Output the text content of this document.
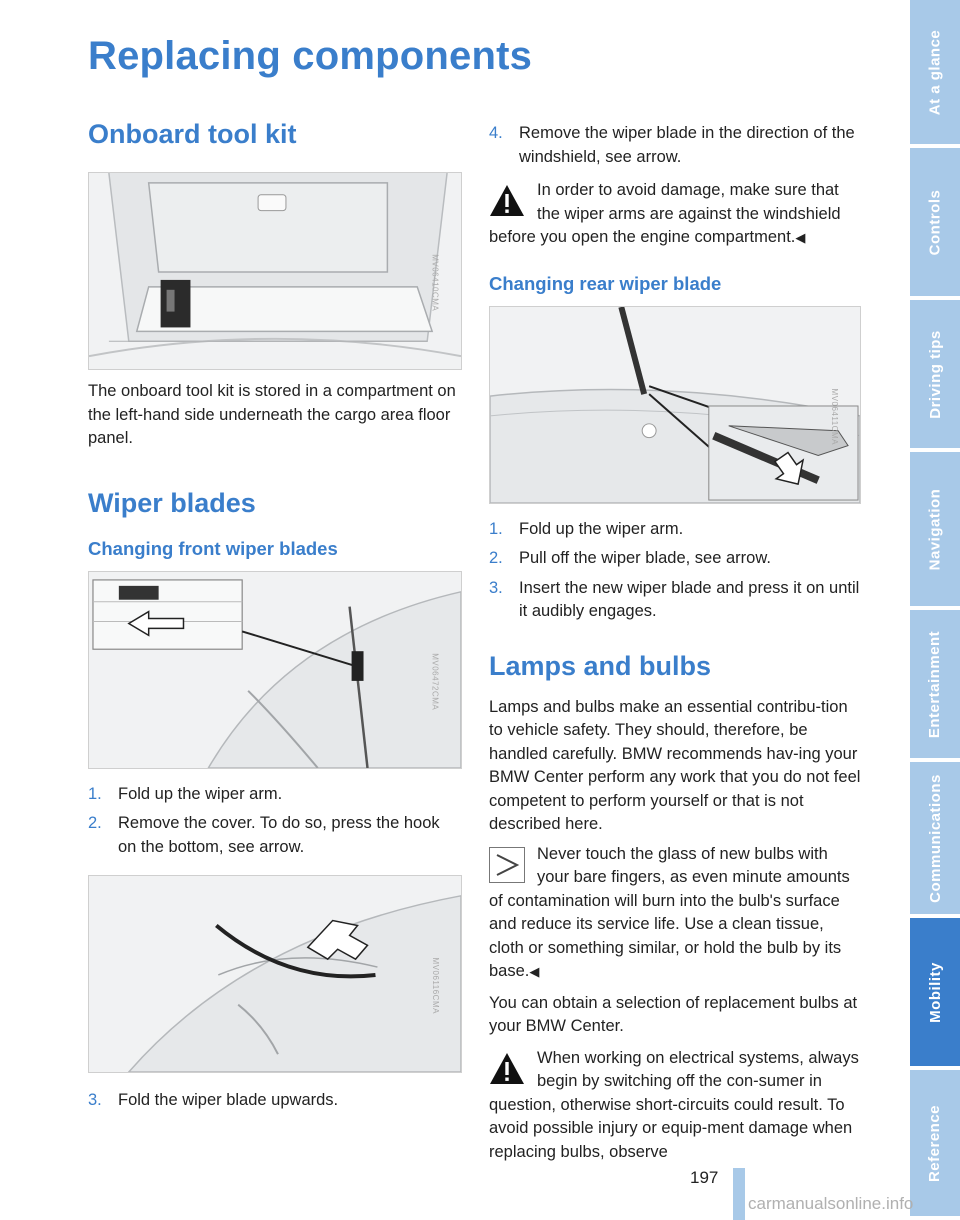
Replacing components
Onboard tool kit
MV06410CMA

The onboard tool kit is stored in a compartment on the left-hand side underneath the cargo area floor panel.

Wiper blades
Changing front wiper blades
MV06472CMA
1. Fold up the wiper arm.
2. Remove the cover. To do so, press the hook on the bottom, see arrow.
MV06116CMA
3. Fold the wiper blade upwards.
4. Remove the wiper blade in the direction of the windshield, see arrow.
In order to avoid damage, make sure that the wiper arms are against the windshield before you open the engine compartment.◀
Changing rear wiper blade
MV06411CMA
1. Fold up the wiper arm.
2. Pull off the wiper blade, see arrow.
3. Insert the new wiper blade and press it on until it audibly engages.
Lamps and bulbs

Lamps and bulbs make an essential contribu-tion to vehicle safety. They should, therefore, be handled carefully. BMW recommends hav-ing your BMW Center perform any work that you do not feel competent to perform yourself or that is not described here.

Never touch the glass of new bulbs with your bare fingers, as even minute amounts of contamination will burn into the bulb's surface and reduce its service life. Use a clean tissue, cloth or something similar, or hold the bulb by its base.◀

You can obtain a selection of replacement bulbs at your BMW Center.

When working on electrical systems, always begin by switching off the con-sumer in question, otherwise short-circuits could result. To avoid possible injury or equip-ment damage when replacing bulbs, observe
At a glance
Controls
Driving tips
Navigation
Entertainment
Communications
Mobility
Reference
197
carmanualsonline.info
